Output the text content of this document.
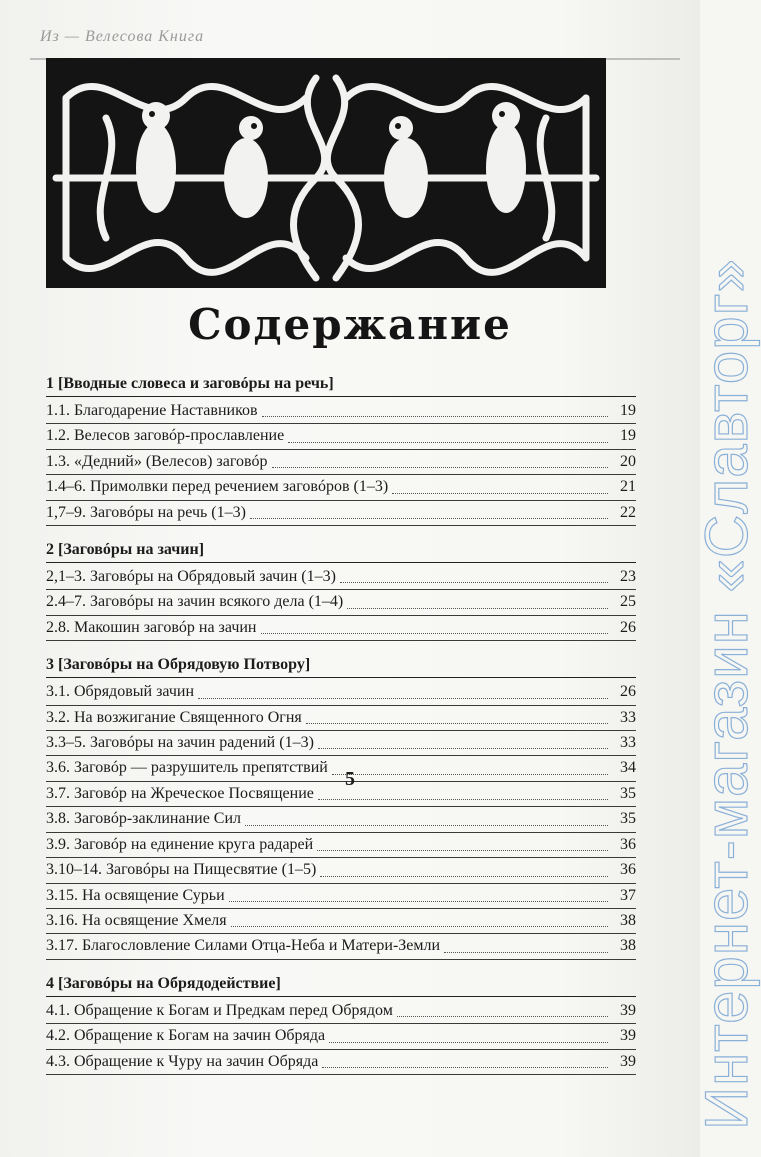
Из — Велесова Книга
Содержание
1 [Вводные словеса и заговóры на речь]
1.1. Благодарение Наставников	19
1.2. Велесов заговóр-прославление	19
1.3. «Дедний» (Велесов) заговóр	20
1.4–6. Примолвки перед речением заговóров (1–3)	21
1,7–9. Заговóры на речь (1–3)	22
2 [Заговóры на зачин]
2,1–3. Заговóры на Обрядовый зачин (1–3)	23
2.4–7. Заговóры на зачин всякого дела (1–4)	25
2.8. Макошин заговóр на зачин	26
3 [Заговóры на Обрядовую Потвору]
3.1. Обрядовый зачин	26
3.2. На возжигание Священного Огня	33
3.3–5. Заговóры на зачин радений (1–3)	33
3.6. Заговóр — разрушитель препятствий	34
3.7. Заговóр на Жреческое Посвящение	35
3.8. Заговóр-заклинание Сил	35
3.9. Заговóр на единение круга радарей	36
3.10–14. Заговóры на Пищесвятие (1–5)	36
3.15. На освящение Сурьи	37
3.16. На освящение Хмеля	38
3.17. Благословление Силами Отца-Неба и Матери-Земли	38
4 [Заговóры на Обрядодействие]
4.1. Обращение к Богам и Предкам перед Обрядом	39
4.2. Обращение к Богам на зачин Обряда	39
4.3. Обращение к Чуру на зачин Обряда	39
5	Интернет-магазин «Славторг»
